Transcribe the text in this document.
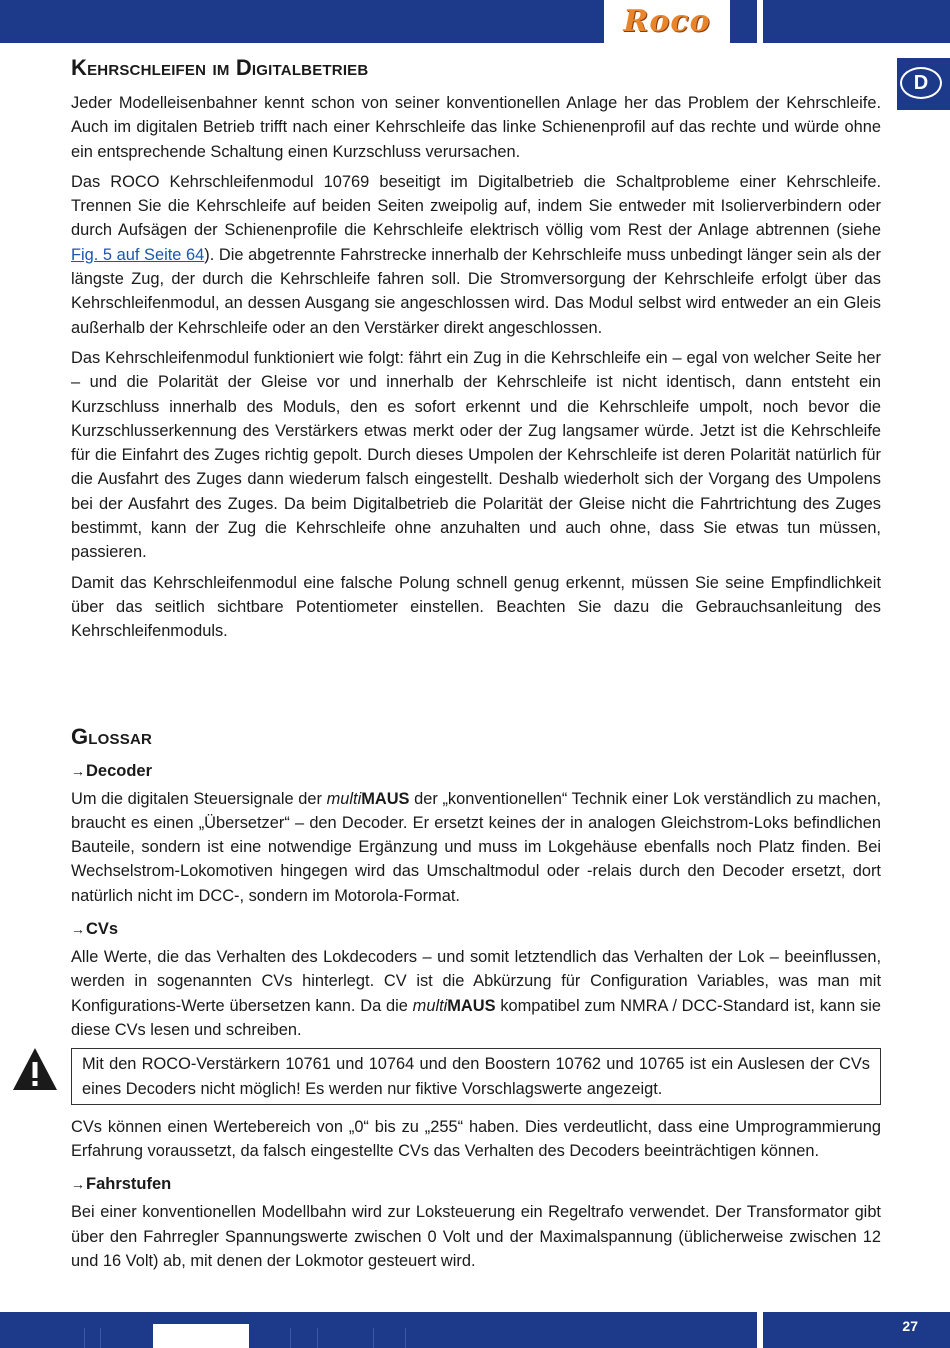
Roco
D
Kehrschleifen im Digitalbetrieb

Jeder Modelleisenbahner kennt schon von seiner konventionellen Anlage her das Problem der Kehrschleife. Auch im digitalen Betrieb trifft nach einer Kehrschleife das linke Schienenprofil auf das rechte und würde ohne ein entsprechende Schaltung einen Kurzschluss verursachen.

Das ROCO Kehrschleifenmodul 10769 beseitigt im Digitalbetrieb die Schaltprobleme einer Kehrschleife. Trennen Sie die Kehrschleife auf beiden Seiten zweipolig auf, indem Sie entweder mit Isolierverbindern oder durch Aufsägen der Schienenprofile die Kehrschleife elektrisch völlig vom Rest der Anlage abtrennen (siehe Fig. 5 auf Seite 64). Die abgetrennte Fahrstrecke innerhalb der Kehrschleife muss unbedingt länger sein als der längste Zug, der durch die Kehrschleife fahren soll. Die Stromversorgung der Kehrschleife erfolgt über das Kehrschleifenmodul, an dessen Ausgang sie angeschlossen wird. Das Modul selbst wird entweder an ein Gleis außerhalb der Kehrschleife oder an den Verstärker direkt angeschlossen.

Das Kehrschleifenmodul funktioniert wie folgt: fährt ein Zug in die Kehrschleife ein – egal von welcher Seite her – und die Polarität der Gleise vor und innerhalb der Kehrschleife ist nicht identisch, dann entsteht ein Kurzschluss innerhalb des Moduls, den es sofort erkennt und die Kehrschleife umpolt, noch bevor die Kurzschlusserkennung des Verstärkers etwas merkt oder der Zug langsamer würde. Jetzt ist die Kehrschleife für die Einfahrt des Zuges richtig gepolt. Durch dieses Umpolen der Kehrschleife ist deren Polarität natürlich für die Ausfahrt des Zuges dann wiederum falsch eingestellt. Deshalb wiederholt sich der Vorgang des Umpolens bei der Ausfahrt des Zuges. Da beim Digitalbetrieb die Polarität der Gleise nicht die Fahrtrichtung des Zuges bestimmt, kann der Zug die Kehrschleife ohne anzuhalten und auch ohne, dass Sie etwas tun müssen, passieren.

Damit das Kehrschleifenmodul eine falsche Polung schnell genug erkennt, müssen Sie seine Empfindlichkeit über das seitlich sichtbare Potentiometer einstellen. Beachten Sie dazu die Gebrauchsanleitung des Kehrschleifenmoduls.

Glossar
→Decoder

Um die digitalen Steuersignale der multiMAUS der „konventionellen“ Technik einer Lok verständlich zu machen, braucht es einen „Übersetzer“ – den Decoder. Er ersetzt keines der in analogen Gleichstrom-Loks befindlichen Bauteile, sondern ist eine notwendige Ergänzung und muss im Lokgehäuse ebenfalls noch Platz finden. Bei Wechselstrom-Lokomotiven hingegen wird das Umschaltmodul oder -relais durch den Decoder ersetzt, dort natürlich nicht im DCC-, sondern im Motorola-Format.

→CVs

Alle Werte, die das Verhalten des Lokdecoders – und somit letztendlich das Verhalten der Lok – beeinflussen, werden in sogenannten CVs hinterlegt. CV ist die Abkürzung für Configuration Variables, was man mit Konfigurations-Werte übersetzen kann. Da die multiMAUS kompatibel zum NMRA / DCC-Standard ist, kann sie diese CVs lesen und schreiben.

Mit den ROCO-Verstärkern 10761 und 10764 und den Boostern 10762 und 10765 ist ein Auslesen der CVs eines Decoders nicht möglich! Es werden nur fiktive Vorschlagswerte angezeigt.

CVs können einen Wertebereich von „0“ bis zu „255“ haben. Dies verdeutlicht, dass eine Umprogrammierung Erfahrung voraussetzt, da falsch eingestellte CVs das Verhalten des Decoders beeinträchtigen können.

→Fahrstufen

Bei einer konventionellen Modellbahn wird zur Loksteuerung ein Regeltrafo verwendet. Der Transformator gibt über den Fahrregler Spannungswerte zwischen 0 Volt und der Maximalspannung (üblicherweise zwischen 12 und 16 Volt) ab, mit denen der Lokmotor gesteuert wird.

27
